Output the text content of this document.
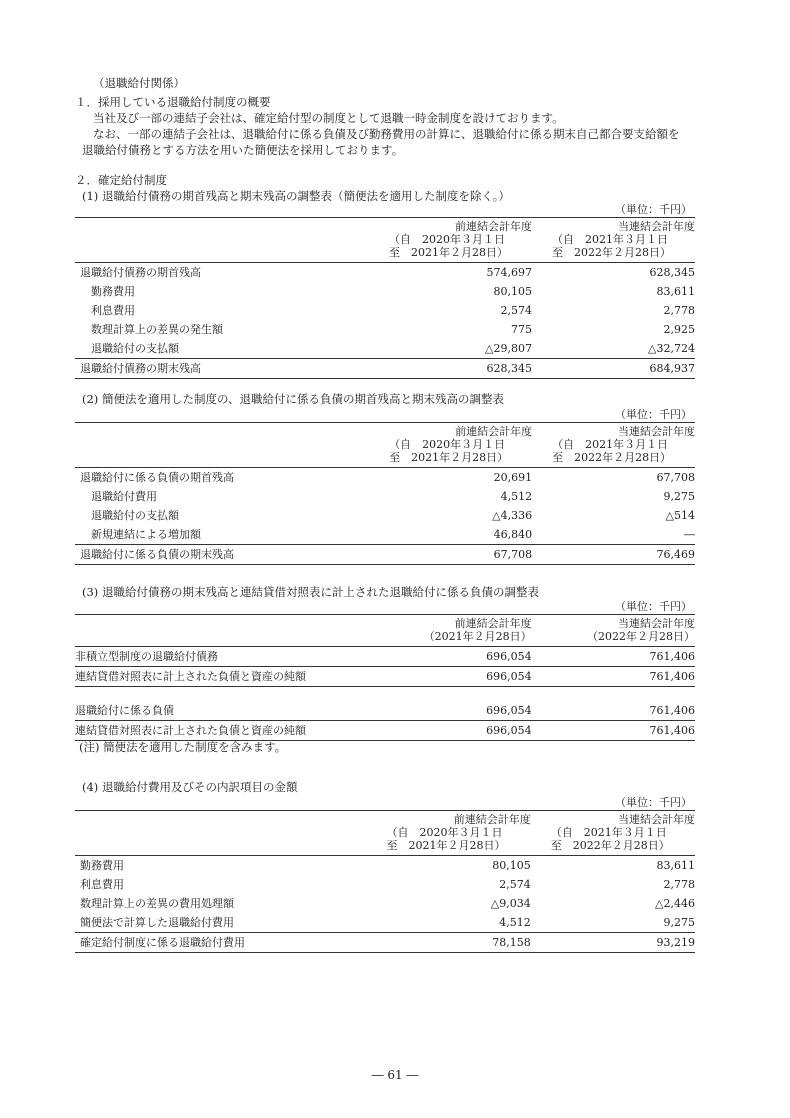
（退職給付関係）
１．採用している退職給付制度の概要
当社及び一部の連結子会社は、確定給付型の制度として退職一時金制度を設けております。
なお、一部の連結子会社は、退職給付に係る負債及び勤務費用の計算に、退職給付に係る期末自己都合要支給額を
退職給付債務とする方法を用いた簡便法を採用しております。
２．確定給付制度
(1) 退職給付債務の期首残高と期末残高の調整表（簡便法を適用した制度を除く。）
（単位：千円）

	前連結会計年度
（自　2020年３月１日
至　2021年２月28日）	当連結会計年度
（自　2021年３月１日
至　2022年２月28日）

退職給付債務の期首残高	574,697	628,345
勤務費用	80,105	83,611
利息費用	2,574	2,778
数理計算上の差異の発生額	775	2,925
退職給付の支払額	△29,807	△32,724
退職給付債務の期末残高	628,345	684,937
(2) 簡便法を適用した制度の、退職給付に係る負債の期首残高と期末残高の調整表
（単位：千円）

	前連結会計年度
（自　2020年３月１日
至　2021年２月28日）	当連結会計年度
（自　2021年３月１日
至　2022年２月28日）

退職給付に係る負債の期首残高	20,691	67,708
退職給付費用	4,512	9,275
退職給付の支払額	△4,336	△514
新規連結による増加額	46,840	―
退職給付に係る負債の期末残高	67,708	76,469
(3) 退職給付債務の期末残高と連結貸借対照表に計上された退職給付に係る負債の調整表
（単位：千円）

	前連結会計年度
（2021年２月28日）	当連結会計年度
（2022年２月28日）

非積立型制度の退職給付債務	696,054	761,406
連結貸借対照表に計上された負債と資産の純額	696,054	761,406

退職給付に係る負債	696,054	761,406
連結貸借対照表に計上された負債と資産の純額	696,054	761,406
(注) 簡便法を適用した制度を含みます。
(4) 退職給付費用及びその内訳項目の金額
（単位：千円）

	前連結会計年度
（自　2020年３月１日
至　2021年２月28日）	当連結会計年度
（自　2021年３月１日
至　2022年２月28日）

勤務費用	80,105	83,611
利息費用	2,574	2,778
数理計算上の差異の費用処理額	△9,034	△2,446
簡便法で計算した退職給付費用	4,512	9,275
確定給付制度に係る退職給付費用	78,158	93,219
― 61 ―
